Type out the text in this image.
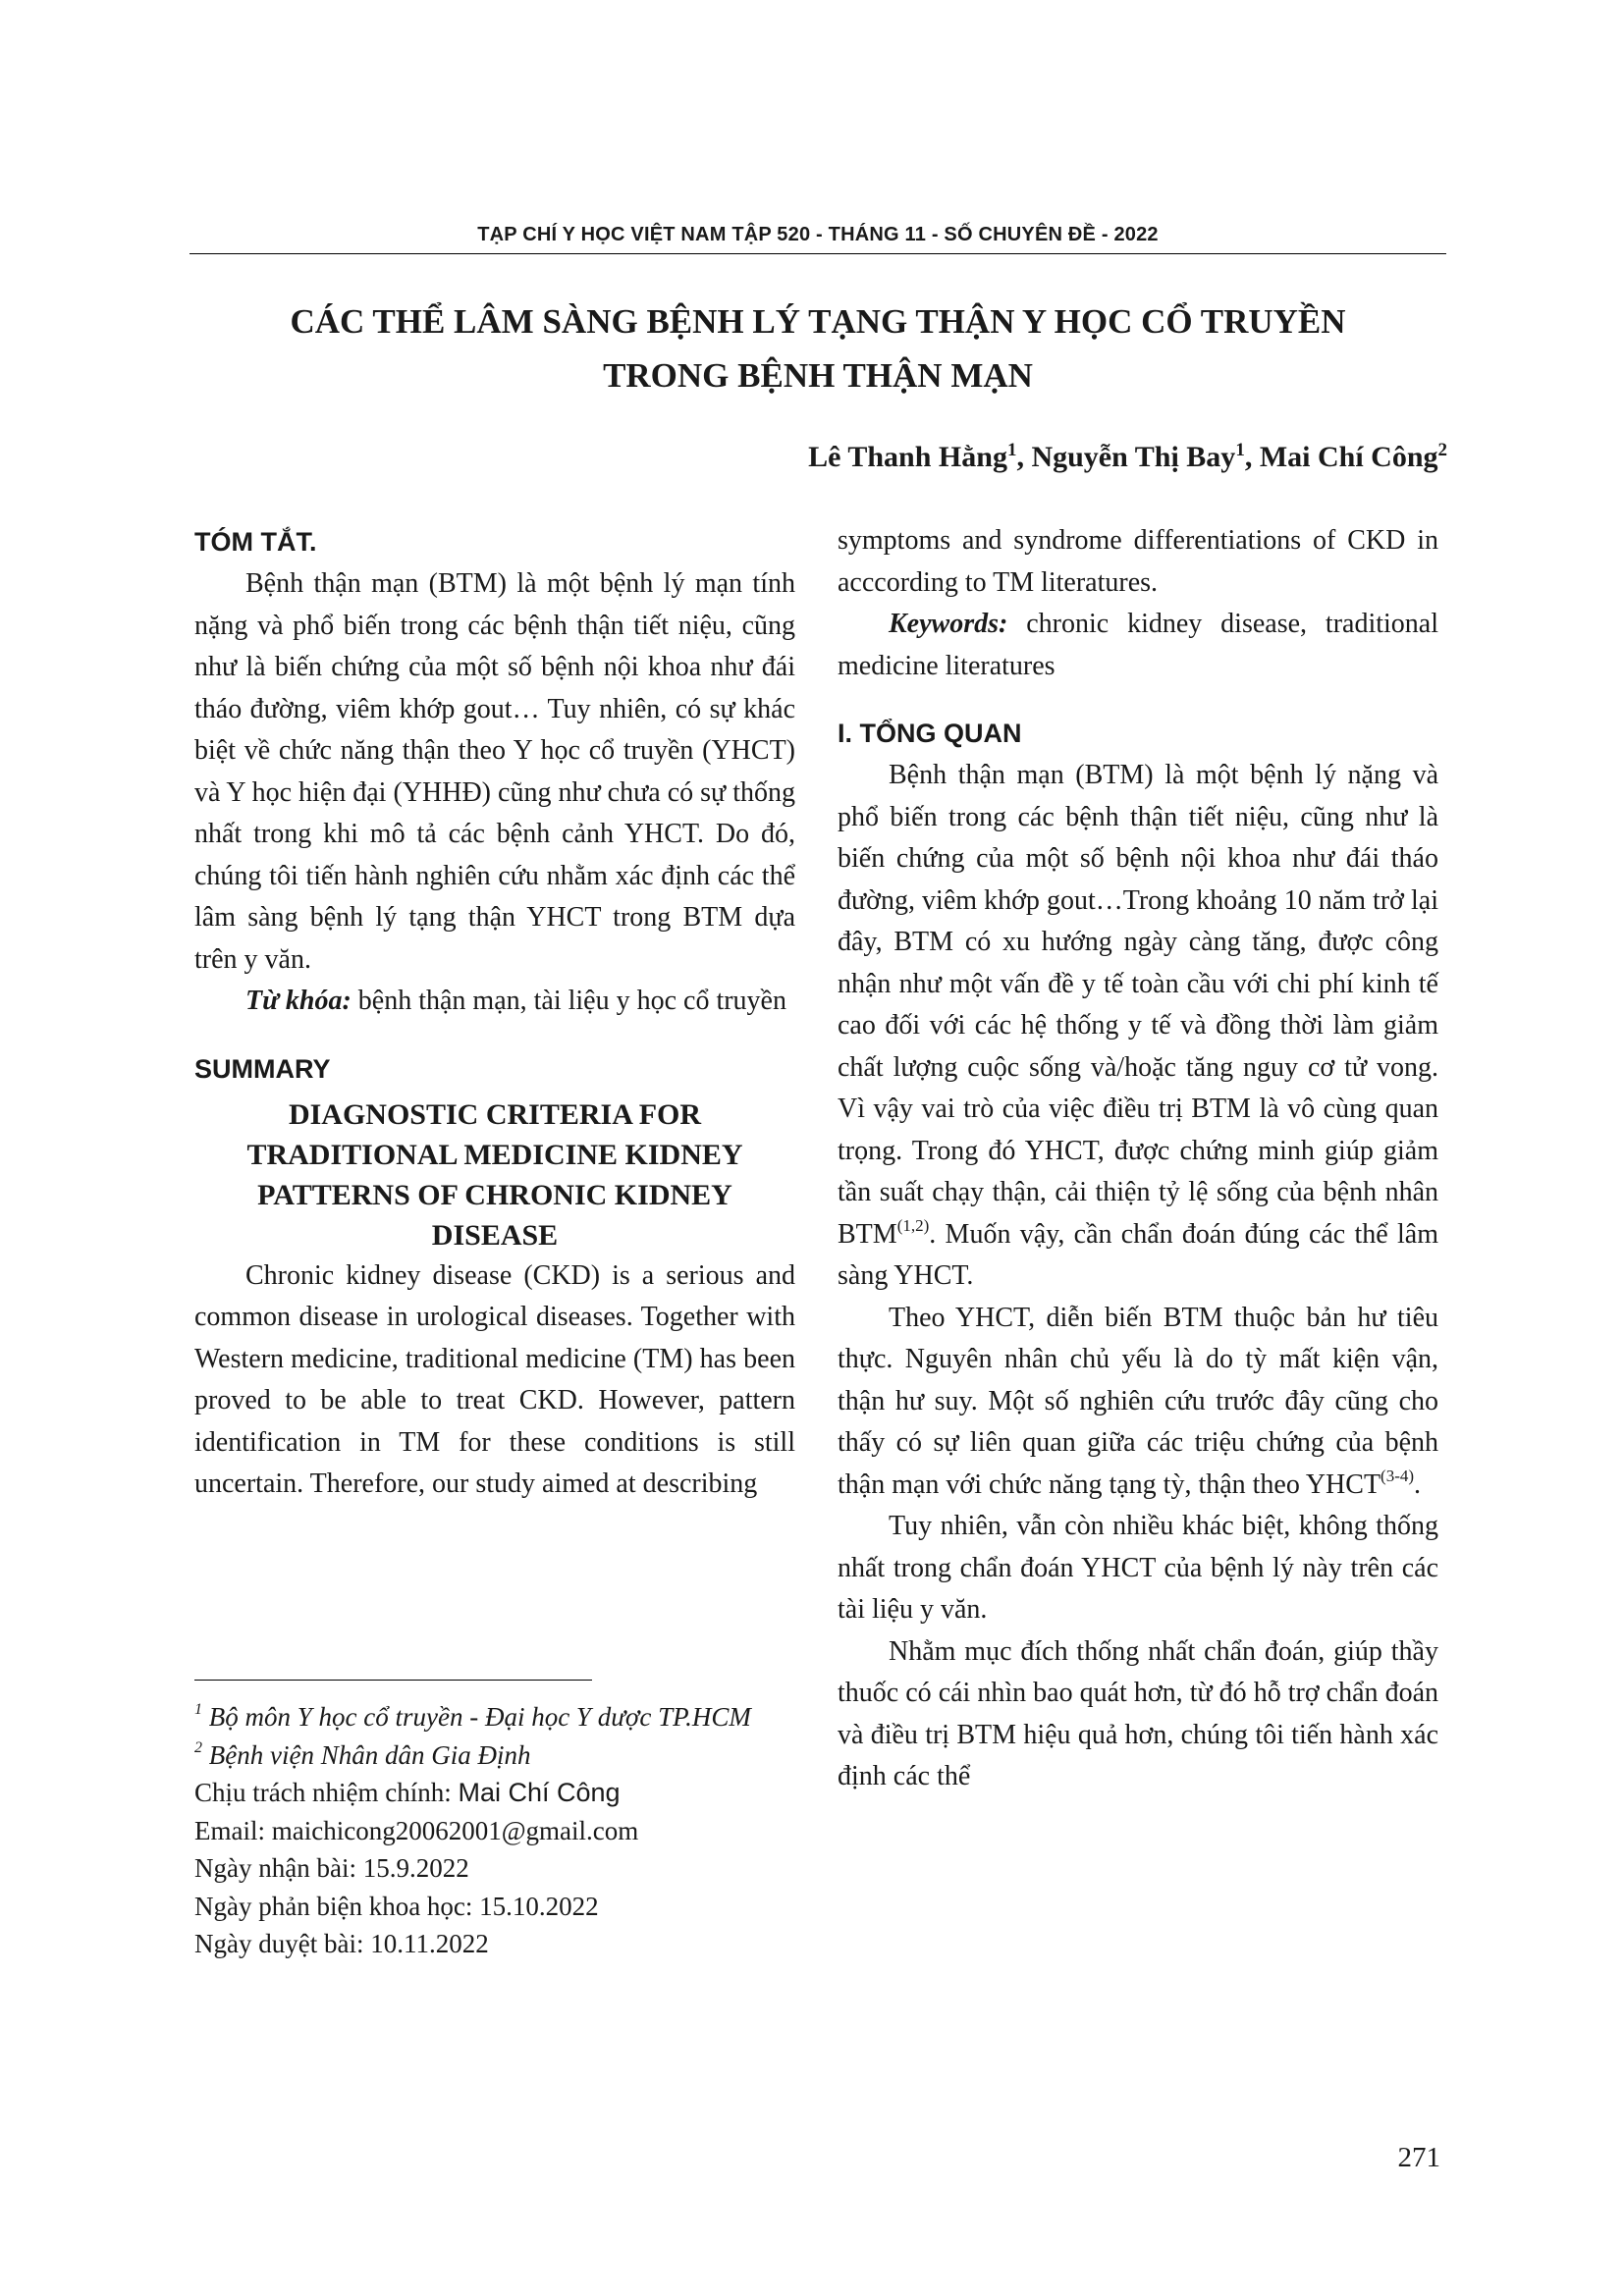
TẠP CHÍ Y HỌC VIỆT NAM TẬP 520 - THÁNG 11 - SỐ CHUYÊN ĐỀ - 2022
CÁC THỂ LÂM SÀNG BỆNH LÝ TẠNG THẬN Y HỌC CỔ TRUYỀN
TRONG BỆNH THẬN MẠN
Lê Thanh Hằng$^1$, Nguyễn Thị Bay$^1$, Mai Chí Công$^2$
TÓM TẮT.

Bệnh thận mạn (BTM) là một bệnh lý mạn tính nặng và phổ biến trong các bệnh thận tiết niệu, cũng như là biến chứng của một số bệnh nội khoa như đái tháo đường, viêm khớp gout… Tuy nhiên, có sự khác biệt về chức năng thận theo Y học cổ truyền (YHCT) và Y học hiện đại (YHHĐ) cũng như chưa có sự thống nhất trong khi mô tả các bệnh cảnh YHCT. Do đó, chúng tôi tiến hành nghiên cứu nhằm xác định các thể lâm sàng bệnh lý tạng thận YHCT trong BTM dựa trên y văn.

Từ khóa: bệnh thận mạn, tài liệu y học cổ truyền

SUMMARY
DIAGNOSTIC CRITERIA FOR
TRADITIONAL MEDICINE KIDNEY
PATTERNS OF CHRONIC KIDNEY
DISEASE

Chronic kidney disease (CKD) is a serious and common disease in urological diseases. Together with Western medicine, traditional medicine (TM) has been proved to be able to treat CKD. However, pattern identification in TM for these conditions is still uncertain. Therefore, our study aimed at describing

$^1$ Bộ môn Y học cổ truyền - Đại học Y dược TP.HCM
$^2$ Bệnh viện Nhân dân Gia Định
Chịu trách nhiệm chính: Mai Chí Công
Email: maichicong20062001@gmail.com
Ngày nhận bài: 15.9.2022
Ngày phản biện khoa học: 15.10.2022
Ngày duyệt bài: 10.11.2022

symptoms and syndrome differentiations of CKD in acccording to TM literatures.

Keywords: chronic kidney disease, traditional medicine literatures

I. TỔNG QUAN

Bệnh thận mạn (BTM) là một bệnh lý nặng và phổ biến trong các bệnh thận tiết niệu, cũng như là biến chứng của một số bệnh nội khoa như đái tháo đường, viêm khớp gout…Trong khoảng 10 năm trở lại đây, BTM có xu hướng ngày càng tăng, được công nhận như một vấn đề y tế toàn cầu với chi phí kinh tế cao đối với các hệ thống y tế và đồng thời làm giảm chất lượng cuộc sống và/hoặc tăng nguy cơ tử vong. Vì vậy vai trò của việc điều trị BTM là vô cùng quan trọng. Trong đó YHCT, được chứng minh giúp giảm tần suất chạy thận, cải thiện tỷ lệ sống của bệnh nhân BTM$^{(1,2)}$. Muốn vậy, cần chẩn đoán đúng các thể lâm sàng YHCT.

Theo YHCT, diễn biến BTM thuộc bản hư tiêu thực. Nguyên nhân chủ yếu là do tỳ mất kiện vận, thận hư suy. Một số nghiên cứu trước đây cũng cho thấy có sự liên quan giữa các triệu chứng của bệnh thận mạn với chức năng tạng tỳ, thận theo YHCT$^{(3-4)}$.

Tuy nhiên, vẫn còn nhiều khác biệt, không thống nhất trong chẩn đoán YHCT của bệnh lý này trên các tài liệu y văn.

Nhằm mục đích thống nhất chẩn đoán, giúp thầy thuốc có cái nhìn bao quát hơn, từ đó hỗ trợ chẩn đoán và điều trị BTM hiệu quả hơn, chúng tôi tiến hành xác định các thể

271
